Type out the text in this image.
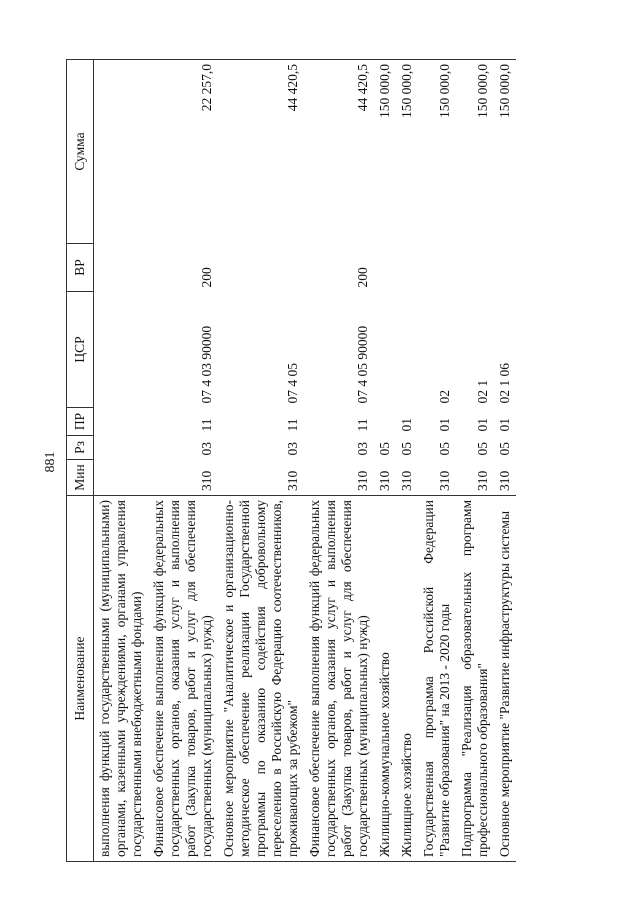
881
Наименование	Мин	Рз	ПР	ЦСР	ВР	Сумма
выполнения функций государственными (муниципальными) органами, казенными учреждениями, органами управления государственными внебюджетными фондами)						
Финансовое обеспечение выполнения функций федеральных государственных органов, оказания услуг и выполнения работ (Закупка товаров, работ и услуг для обеспечения государственных (муниципальных) нужд)	310	03	11	07 4 03 90000	200	22 257,0
Основное мероприятие "Аналитическое и организационно-методическое обеспечение реализации Государственной программы по оказанию содействия добровольному переселению в Российскую Федерацию соотечественников, проживающих за рубежом"	310	03	11	07 4 05		44 420,5
Финансовое обеспечение выполнения функций федеральных государственных органов, оказания услуг и выполнения работ (Закупка товаров, работ и услуг для обеспечения государственных (муниципальных) нужд)	310	03	11	07 4 05 90000	200	44 420,5
Жилищно-коммунальное хозяйство	310	05				150 000,0
Жилищное хозяйство	310	05	01			150 000,0
Государственная программа Российской Федерации "Развитие образования" на 2013 - 2020 годы	310	05	01	02		150 000,0
Подпрограмма "Реализация образовательных программ профессионального образования"	310	05	01	02 1		150 000,0
Основное мероприятие "Развитие инфраструктуры системы	310	05	01	02 1 06		150 000,0
